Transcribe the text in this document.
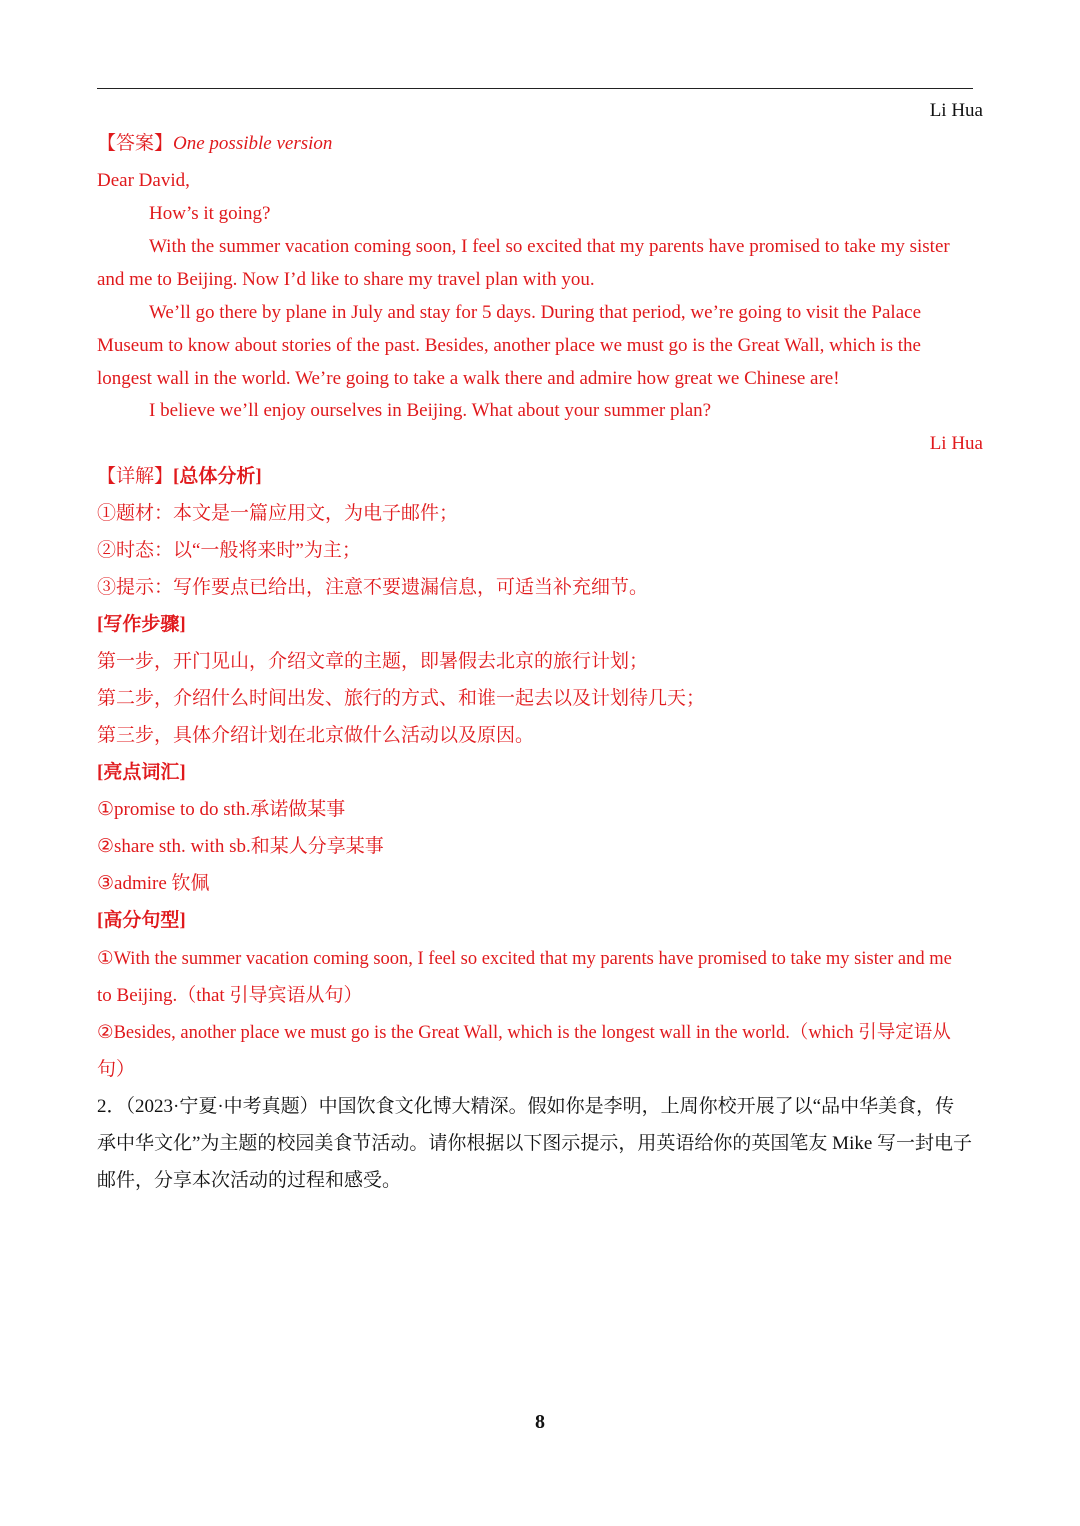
Li Hua
【答案】One possible version
Dear David,
How’s it going?
With the summer vacation coming soon, I feel so excited that my parents have promised to take my sister
and me to Beijing. Now I’d like to share my travel plan with you.
We’ll go there by plane in July and stay for 5 days. During that period, we’re going to visit the Palace
Museum to know about stories of the past. Besides, another place we must go is the Great Wall, which is the
longest wall in the world. We’re going to take a walk there and admire how great we Chinese are!
I believe we’ll enjoy ourselves in Beijing. What about your summer plan?
Li Hua
【详解】[总体分析]
①题材：本文是一篇应用文，为电子邮件；
②时态：以“一般将来时”为主；
③提示：写作要点已给出，注意不要遗漏信息，可适当补充细节。
[写作步骤]
第一步，开门见山，介绍文章的主题，即暑假去北京的旅行计划；
第二步，介绍什么时间出发、旅行的方式、和谁一起去以及计划待几天；
第三步，具体介绍计划在北京做什么活动以及原因。
[亮点词汇]
①promise to do sth.承诺做某事
②share sth. with sb.和某人分享某事
③admire 钦佩
[高分句型]
①With the summer vacation coming soon, I feel so excited that my parents have promised to take my sister and me
to Beijing.（that 引导宾语从句）
②Besides, another place we must go is the Great Wall, which is the longest wall in the world.（which 引导定语从
句）
2．（2023·宁夏·中考真题）中国饮食文化博大精深。假如你是李明，上周你校开展了以“品中华美食，传
承中华文化”为主题的校园美食节活动。请你根据以下图示提示，用英语给你的英国笔友 Mike 写一封电子
邮件，分享本次活动的过程和感受。
8
